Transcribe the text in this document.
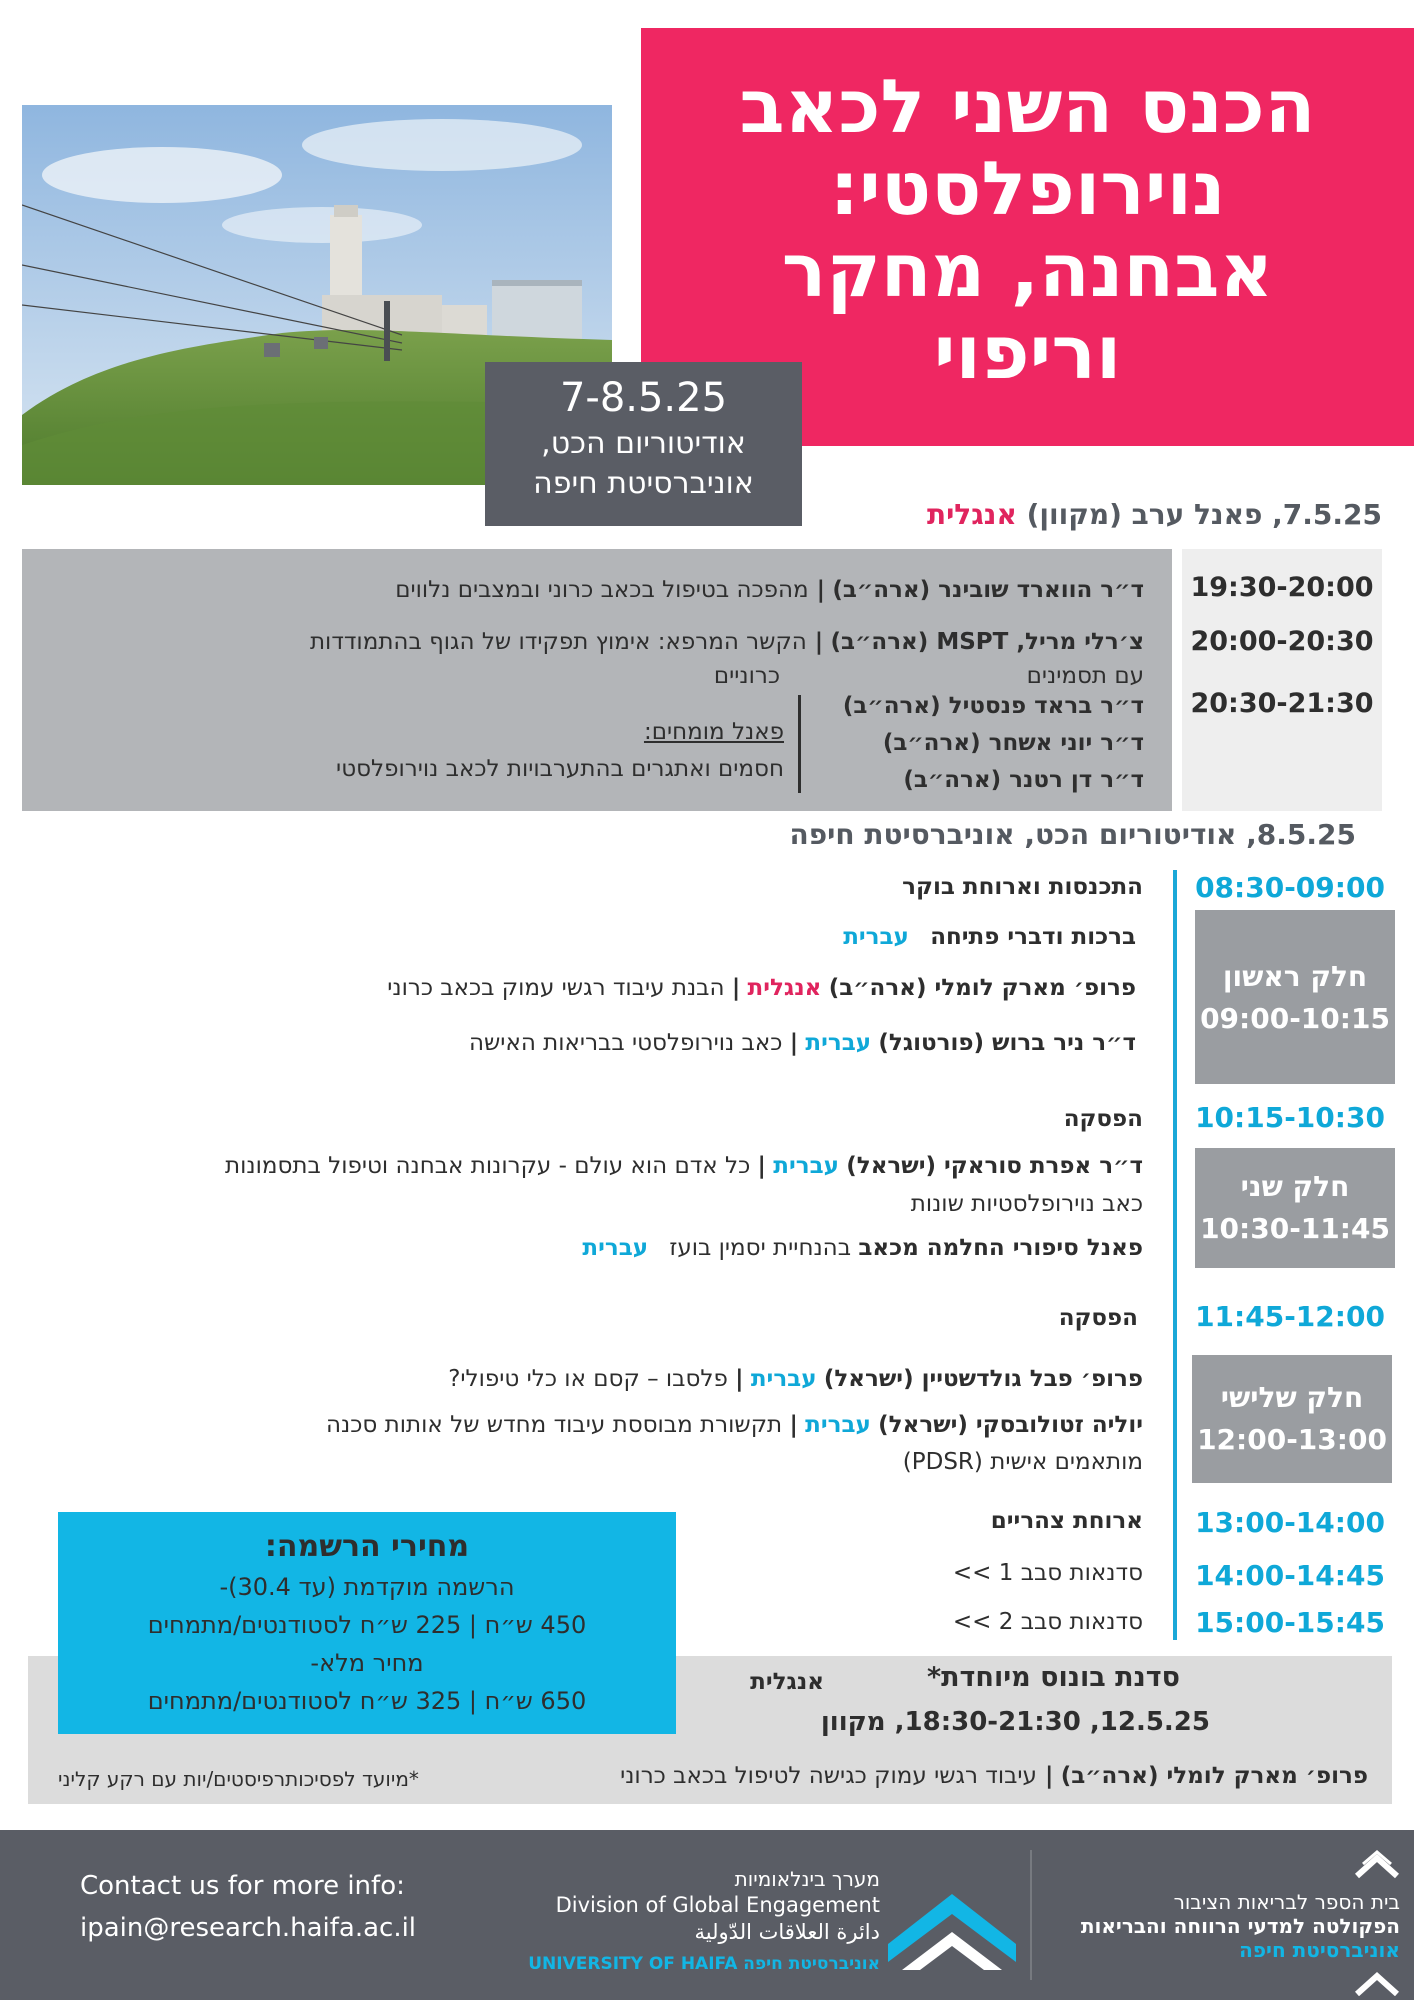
הכנס השני לכאב
נוירופלסטי:
אבחנה, מחקר
וריפוי
7-8.5.25
אודיטוריום הכט,
אוניברסיטת חיפה
7.5.25, פאנל ערב (מקוון) אנגלית
19:30-20:00
20:00-20:30
20:30-21:30
ד״ר הווארד שובינר (ארה״ב) | מהפכה בטיפול בכאב כרוני ובמצבים נלווים
צ׳רלי מריל, MSPT (ארה״ב) | הקשר המרפא: אימוץ תפקידו של הגוף בהתמודדות עם תסמינים
כרוניים
ד״ר בראד פנסטיל (ארה״ב)
ד״ר יוני אשחר (ארה״ב)
ד״ר דן רטנר (ארה״ב)
פאנל מומחים:
חסמים ואתגרים בהתערבויות לכאב נוירופלסטי
8.5.25, אודיטוריום הכט, אוניברסיטת חיפה
08:30-09:00
10:15-10:30
11:45-12:00
13:00-14:00
14:00-14:45
15:00-15:45
חלק ראשון
09:00-10:15
חלק שני
10:30-11:45
חלק שלישי
12:00-13:00
התכנסות וארוחת בוקר
ברכות ודברי פתיחה עברית
פרופ׳ מארק לומלי (ארה״ב) אנגלית | הבנת עיבוד רגשי עמוק בכאב כרוני
ד״ר ניר ברוש (פורטוגל) עברית | כאב נוירופלסטי בבריאות האישה
הפסקה
ד״ר אפרת סוראקי (ישראל) עברית | כל אדם הוא עולם - עקרונות אבחנה וטיפול בתסמונות
כאב נוירופלסטיות שונות
פאנל סיפורי החלמה מכאב בהנחיית יסמין בועז עברית
הפסקה
פרופ׳ פבל גולדשטיין (ישראל) עברית | פלסבו – קסם או כלי טיפולי?
יוליה זטולובסקי (ישראל) עברית | תקשורת מבוססת עיבוד מחדש של אותות סכנה
מותאמים אישית (PDSR)
ארוחת צהריים
סדנאות סבב 1 >>
סדנאות סבב 2 >>
סדנת בונוס מיוחדת*
אנגלית
12.5.25, 18:30-21:30, מקוון
פרופ׳ מארק לומלי (ארה״ב) | עיבוד רגשי עמוק כגישה לטיפול בכאב כרוני
*מיועד לפסיכותרפיסטים/יות עם רקע קליני
מחירי הרשמה:
הרשמה מוקדמת (עד 30.4)-
450 ש״ח | 225 ש״ח לסטודנטים/מתמחים
מחיר מלא-
650 ש״ח | 325 ש״ח לסטודנטים/מתמחים
Contact us for more info:
ipain@research.haifa.ac.il
מערך בינלאומיות
Division of Global Engagement
دائرة العلاقات الدّولية
UNIVERSITY OF HAIFA אוניברסיטת חיפה
בית הספר לבריאות הציבור
הפקולטה למדעי הרווחה והבריאות
אוניברסיטת חיפה
